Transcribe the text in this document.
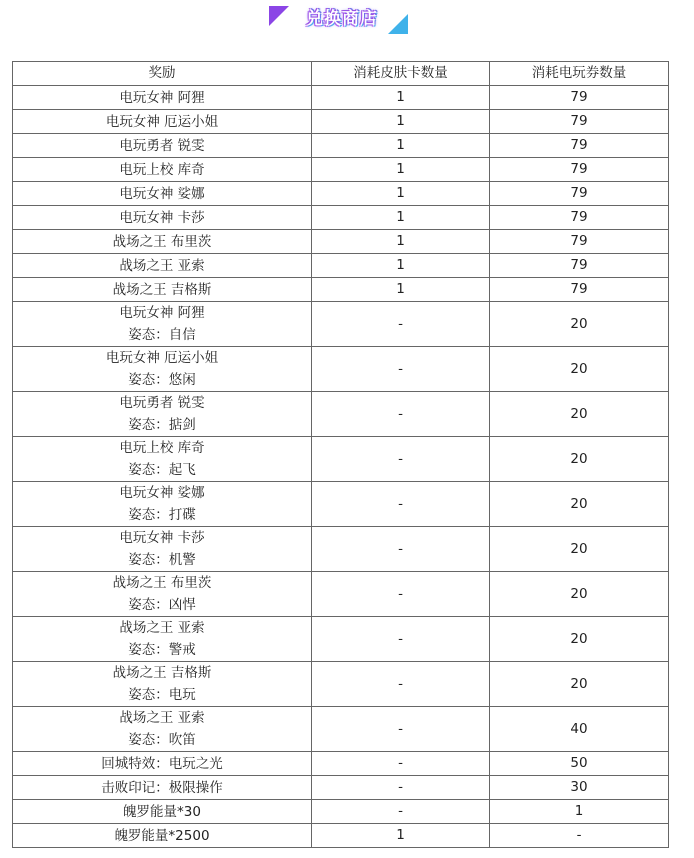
兑换商店
奖励	消耗皮肤卡数量	消耗电玩券数量

电玩女神 阿狸	1	79

电玩女神 厄运小姐	1	79

电玩勇者 锐雯	1	79

电玩上校 库奇	1	79

电玩女神 娑娜	1	79

电玩女神 卡莎	1	79

战场之王 布里茨	1	79

战场之王 亚索	1	79

战场之王 吉格斯	1	79

电玩女神 阿狸
姿态：自信	-	20

电玩女神 厄运小姐
姿态：悠闲	-	20

电玩勇者 锐雯
姿态：掂剑	-	20

电玩上校 库奇
姿态：起飞	-	20

电玩女神 娑娜
姿态：打碟	-	20

电玩女神 卡莎
姿态：机警	-	20

战场之王 布里茨
姿态：凶悍	-	20

战场之王 亚索
姿态：警戒	-	20

战场之王 吉格斯
姿态：电玩	-	20

战场之王 亚索
姿态：吹笛	-	40

回城特效：电玩之光	-	50

击败印记：极限操作	-	30

魄罗能量*30	-	1

魄罗能量*2500	1	-
